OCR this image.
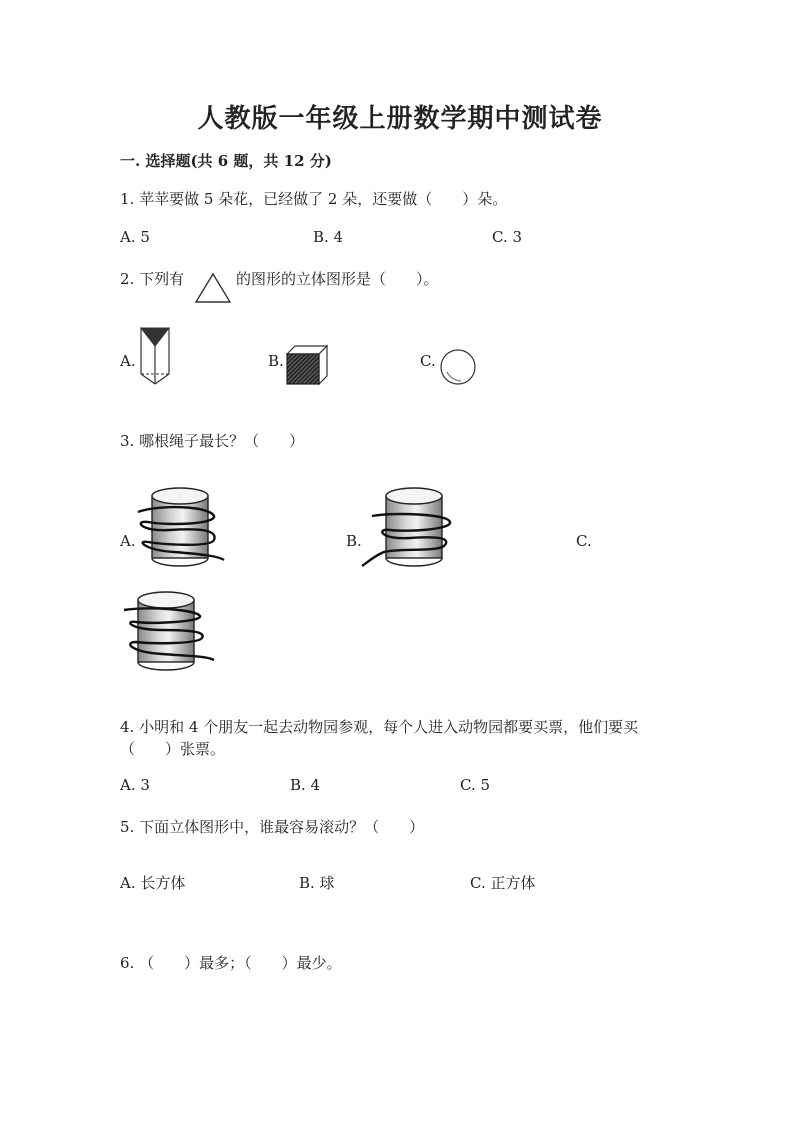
人教版一年级上册数学期中测试卷
一. 选择题(共 6 题，共 12 分)
1. 苹苹要做 5 朵花，已经做了 2 朵，还要做（　　）朵。
A. 5	B. 4	C. 3
2. 下列有	的图形的立体图形是（　　）。
A.	B.	C.
3. 哪根绳子最长？（　　）
A.	B.	C.
4. 小明和 4 个朋友一起去动物园参观，每个人进入动物园都要买票，他们要买
（　　）张票。
A. 3	B. 4	C. 5
5. 下面立体图形中，谁最容易滚动？（　　）
A. 长方体	B. 球	C. 正方体
6. （　　）最多；（　　）最少。
